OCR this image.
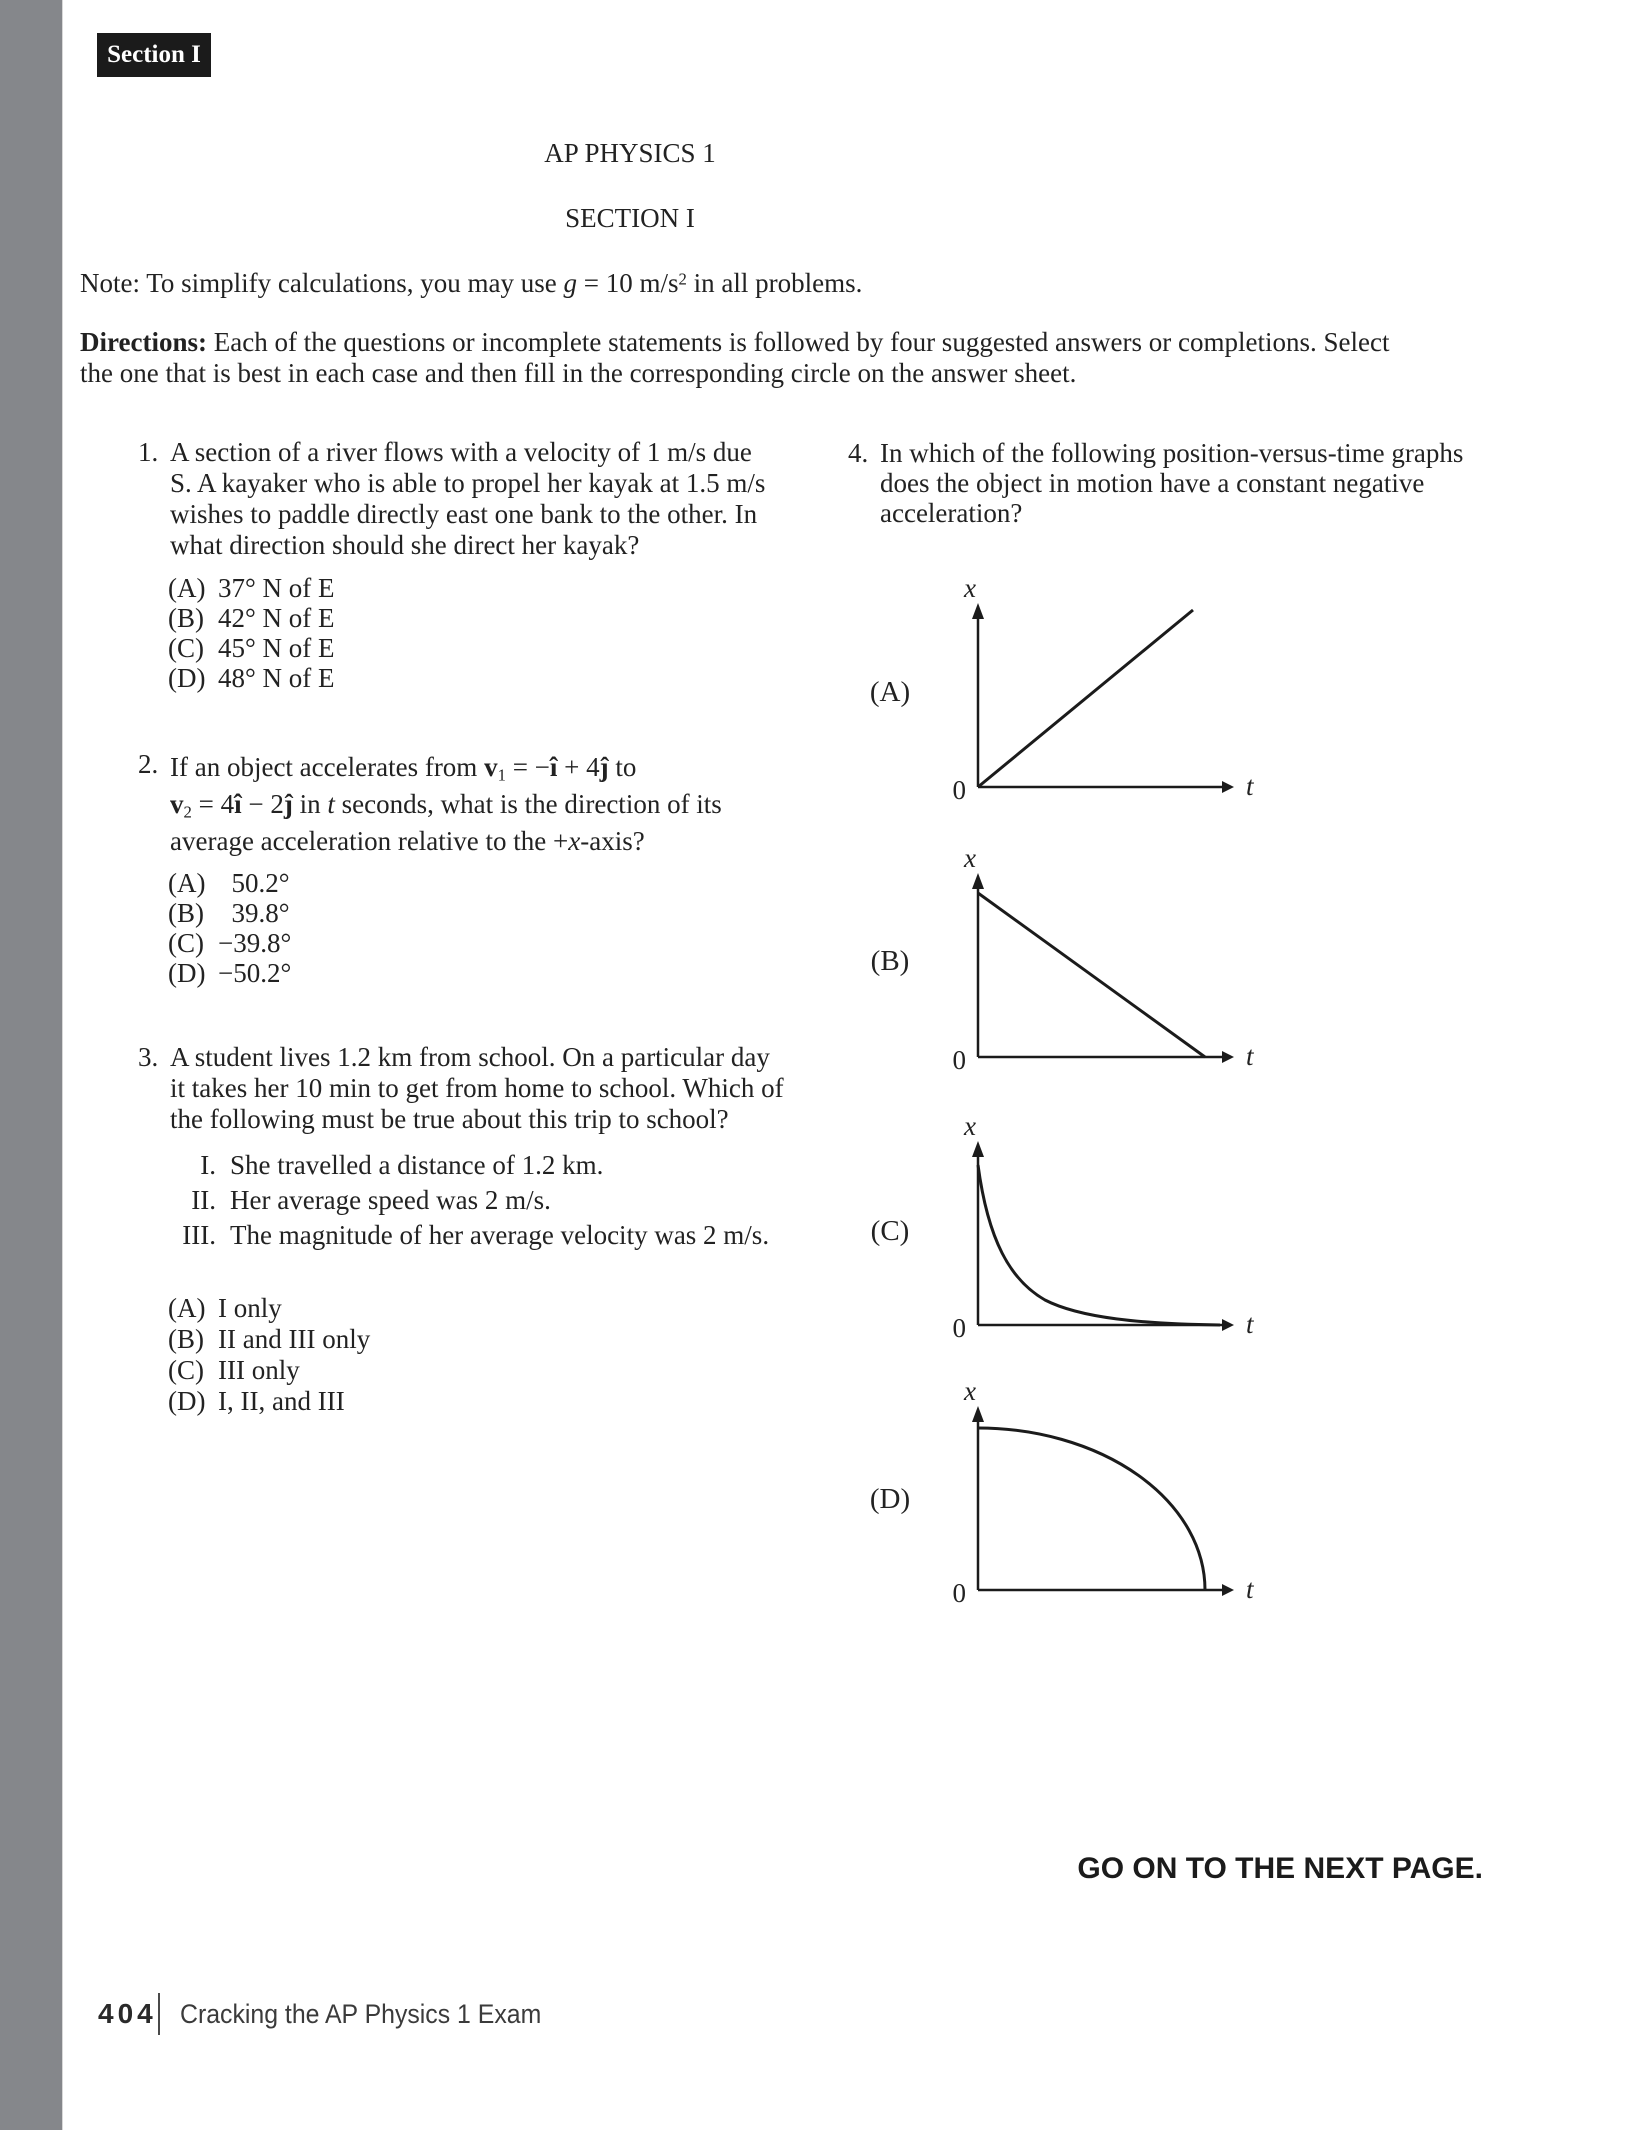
Section I
AP PHYSICS 1
SECTION I
Note: To simplify calculations, you may use g = 10 $m/s^2$ in all problems.
Directions: Each of the questions or incomplete statements is followed by four suggested answers or completions. Select
the one that is best in each case and then fill in the corresponding circle on the answer sheet.
1. A section of a river flows with a velocity of 1 m/s due
S. A kayaker who is able to propel her kayak at 1.5 m/s
wishes to paddle directly east one bank to the other. In
what direction should she direct her kayak?
(A) 37° N of E
(B) 42° N of E
(C) 45° N of E
(D) 48° N of E
2. If an object accelerates from $v_1$ = −î + 4ĵ to
$v_2$ = 4î − 2ĵ in t seconds, what is the direction of its
average acceleration relative to the +x-axis?
(A)  50.2°
(B)  39.8°
(C) −39.8°
(D) −50.2°
3. A student lives 1.2 km from school. On a particular day
it takes her 10 min to get from home to school. Which of
the following must be true about this trip to school?
I. She travelled a distance of 1.2 km.
II. Her average speed was 2 m/s.
III. The magnitude of her average velocity was 2 m/s.
(A) I only
(B) II and III only
(C) III only
(D) I, II, and III
4. In which of the following position-versus-time graphs
does the object in motion have a constant negative
acceleration?
(A)
x
t
0
(B)
x
t
0
(C)
x
t
0
(D)
x
t
0
GO ON TO THE NEXT PAGE.
404 Cracking the AP Physics 1 Exam
